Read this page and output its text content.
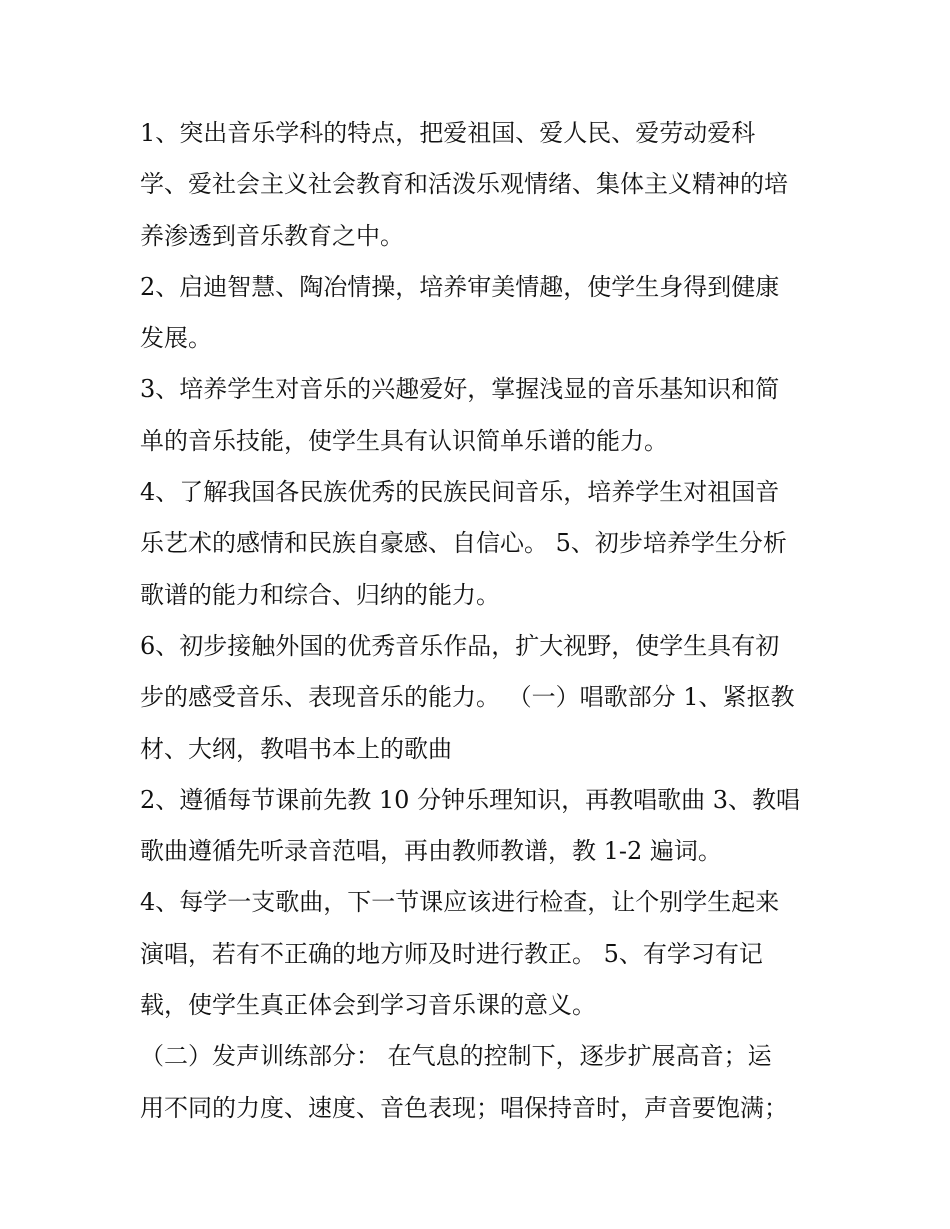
1、突出音乐学科的特点，把爱祖国、爱人民、爱劳动爱科
学、爱社会主义社会教育和活泼乐观情绪、集体主义精神的培
养渗透到音乐教育之中。
2、启迪智慧、陶冶情操，培养审美情趣，使学生身得到健康
发展。
3、培养学生对音乐的兴趣爱好，掌握浅显的音乐基知识和简
单的音乐技能，使学生具有认识简单乐谱的能力。
4、了解我国各民族优秀的民族民间音乐，培养学生对祖国音
乐艺术的感情和民族自豪感、自信心。 5、初步培养学生分析
歌谱的能力和综合、归纳的能力。
6、初步接触外国的优秀音乐作品，扩大视野，使学生具有初
步的感受音乐、表现音乐的能力。 （一）唱歌部分 1、紧抠教
材、大纲，教唱书本上的歌曲
2、遵循每节课前先教 10 分钟乐理知识，再教唱歌曲 3、教唱
歌曲遵循先听录音范唱，再由教师教谱，教 1-2 遍词。
4、每学一支歌曲，下一节课应该进行检查，让个别学生起来
演唱，若有不正确的地方师及时进行教正。 5、有学习有记
载，使学生真正体会到学习音乐课的意义。
（二）发声训练部分： 在气息的控制下，逐步扩展高音；运
用不同的力度、速度、音色表现；唱保持音时，声音要饱满；
